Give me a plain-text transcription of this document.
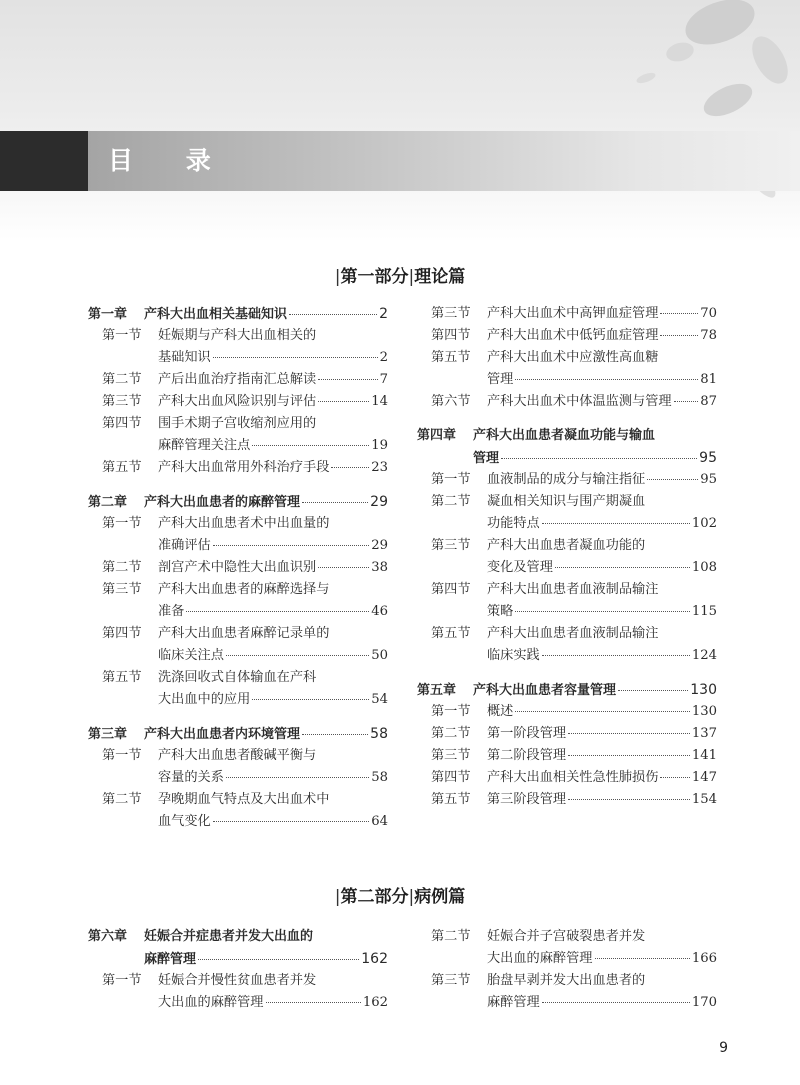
目 录
|第一部分|理论篇
第一章 产科大出血相关基础知识	2
第一节 妊娠期与产科大出血相关的
基础知识	2
第二节 产后出血治疗指南汇总解读	7
第三节 产科大出血风险识别与评估	14
第四节 围手术期子宫收缩剂应用的
麻醉管理关注点	19
第五节 产科大出血常用外科治疗手段	23
第二章 产科大出血患者的麻醉管理	29
第一节 产科大出血患者术中出血量的
准确评估	29
第二节 剖宫产术中隐性大出血识别	38
第三节 产科大出血患者的麻醉选择与
准备	46
第四节 产科大出血患者麻醉记录单的
临床关注点	50
第五节 洗涤回收式自体输血在产科
大出血中的应用	54
第三章 产科大出血患者内环境管理	58
第一节 产科大出血患者酸碱平衡与
容量的关系	58
第二节 孕晚期血气特点及大出血术中
血气变化	64
第三节 产科大出血术中高钾血症管理	70
第四节 产科大出血术中低钙血症管理	78
第五节 产科大出血术中应激性高血糖
管理	81
第六节 产科大出血术中体温监测与管理 87
第四章 产科大出血患者凝血功能与输血
管理	95
第一节 血液制品的成分与输注指征	95
第二节 凝血相关知识与围产期凝血
功能特点	102
第三节 产科大出血患者凝血功能的
变化及管理	108
第四节 产科大出血患者血液制品输注
策略	115
第五节 产科大出血患者血液制品输注
临床实践	124
第五章 产科大出血患者容量管理	130
第一节 概述	130
第二节 第一阶段管理	137
第三节 第二阶段管理	141
第四节 产科大出血相关性急性肺损伤	147
第五节 第三阶段管理	154
|第二部分|病例篇
第六章 妊娠合并症患者并发大出血的
麻醉管理	162
第一节 妊娠合并慢性贫血患者并发
大出血的麻醉管理	162
第二节 妊娠合并子宫破裂患者并发
大出血的麻醉管理	166
第三节 胎盘早剥并发大出血患者的
麻醉管理	170
9
